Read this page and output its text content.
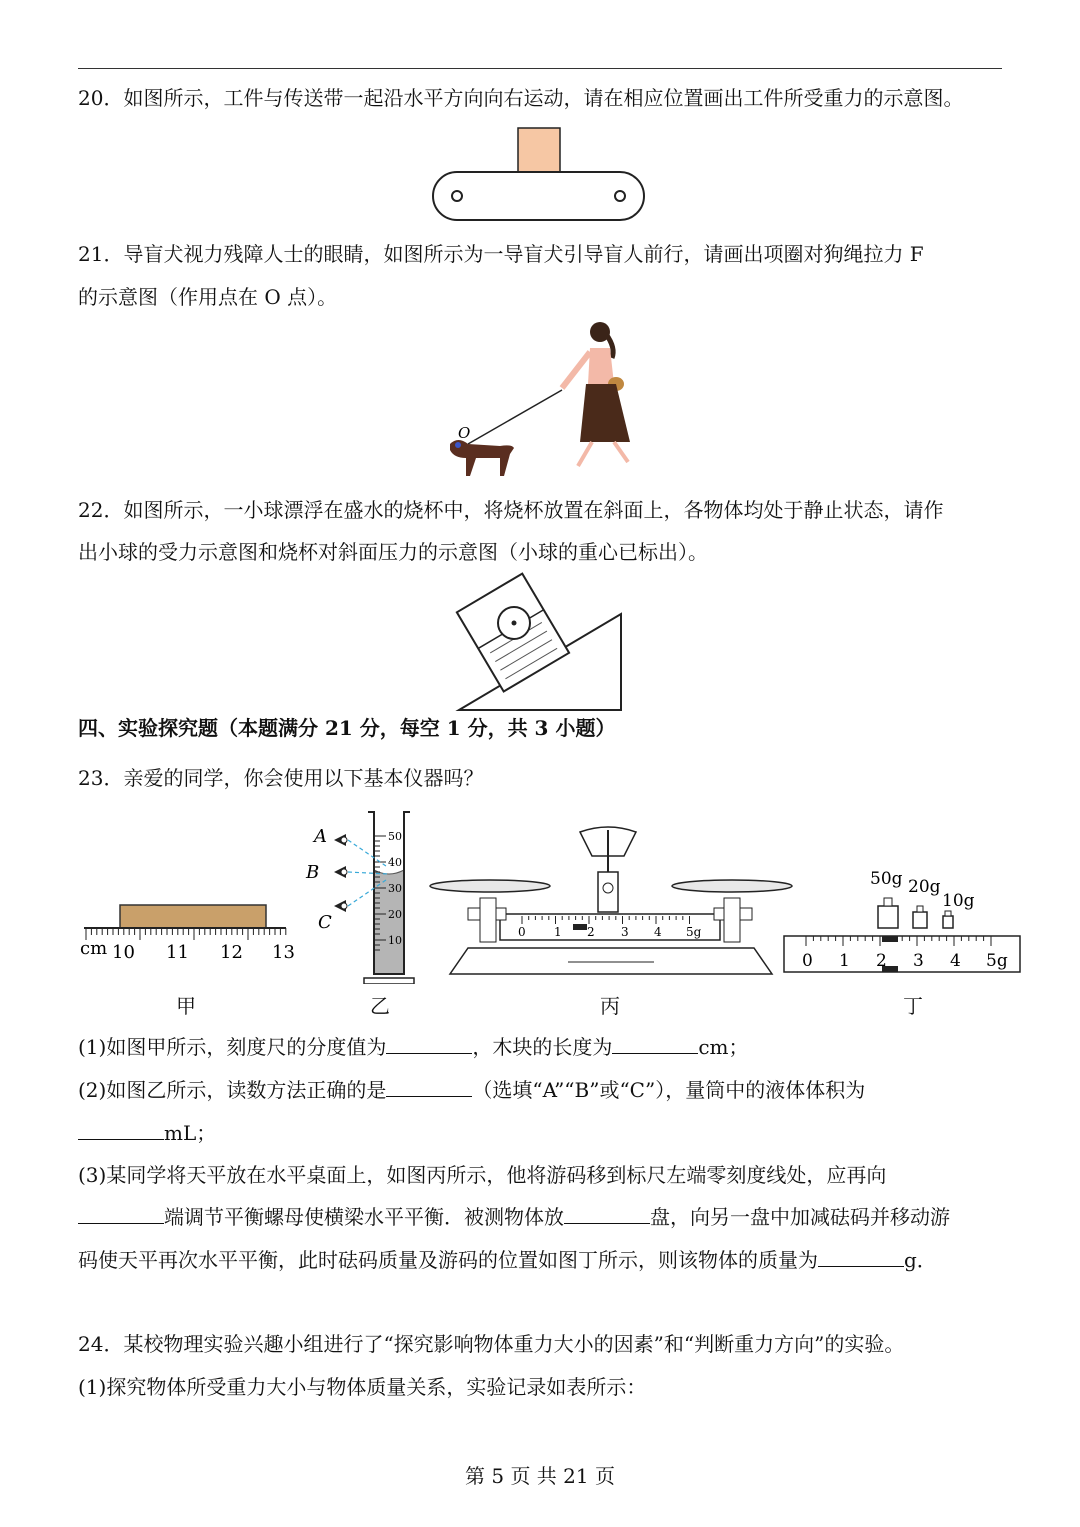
20．如图所示，工件与传送带一起沿水平方向向右运动，请在相应位置画出工件所受重力的示意图。
21．导盲犬视力残障人士的眼睛，如图所示为一导盲犬引导盲人前行，请画出项圈对狗绳拉力 F
的示意图（作用点在 O 点）。
O
22．如图所示，一小球漂浮在盛水的烧杯中，将烧杯放置在斜面上，各物体均处于静止状态，请作
出小球的受力示意图和烧杯对斜面压力的示意图（小球的重心已标出）。
四、实验探究题（本题满分 21 分，每空 1 分，共 3 小题）
23．亲爱的同学，你会使用以下基本仪器吗？
cm 10 11 12 13
50
40
30
20
10
A
B
C	0 1 2 3 4 5g
50g 20g
10g
0 1 2 3 4 5g
甲	乙	丙	丁
(1)如图甲所示，刻度尺的分度值为	，木块的长度为	cm；
(2)如图乙所示，读数方法正确的是	（选填“A”“B”或“C”），量筒中的液体体积为
mL；
(3)某同学将天平放在水平桌面上，如图丙所示，他将游码移到标尺左端零刻度线处，应再向
端调节平衡螺母使横梁水平平衡．被测物体放	盘，向另一盘中加减砝码并移动游
码使天平再次水平平衡，此时砝码质量及游码的位置如图丁所示，则该物体的质量为	g．
24．某校物理实验兴趣小组进行了“探究影响物体重力大小的因素”和“判断重力方向”的实验。
(1)探究物体所受重力大小与物体质量关系，实验记录如表所示：
第 5 页 共 21 页
